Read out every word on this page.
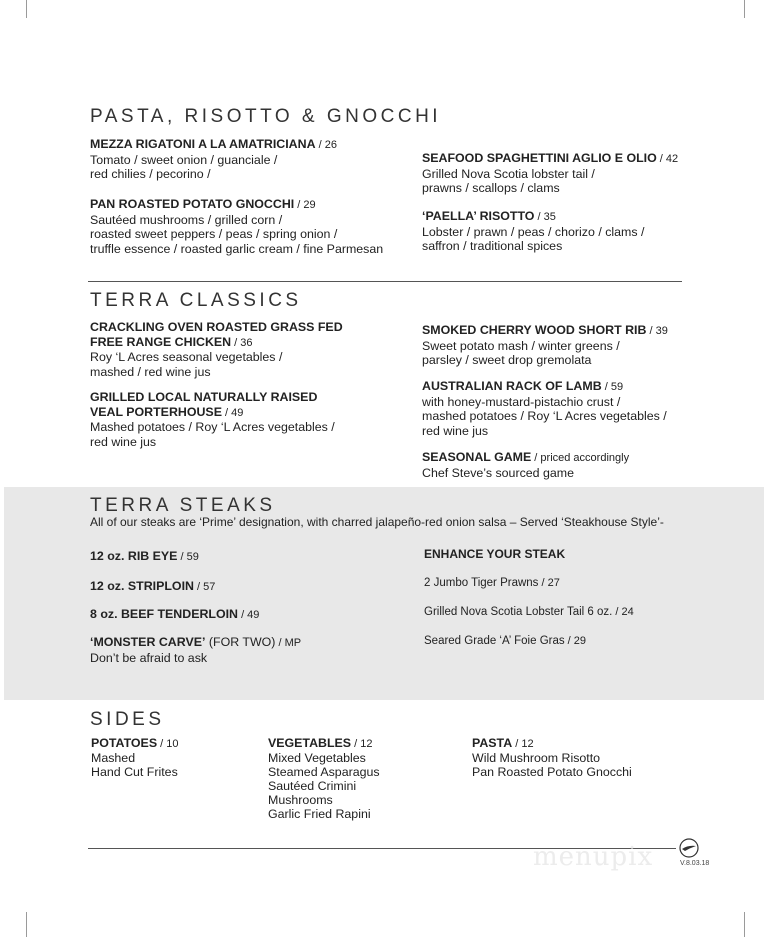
PASTA, RISOTTO & GNOCCHI
MEZZA RIGATONI A LA AMATRICIANA / 26
Tomato / sweet onion / guanciale /
red chilies / pecorino /
PAN ROASTED POTATO GNOCCHI / 29
Sautéed mushrooms / grilled corn /
roasted sweet peppers / peas / spring onion /
truffle essence / roasted garlic cream / fine Parmesan
SEAFOOD SPAGHETTINI AGLIO E OLIO / 42
Grilled Nova Scotia lobster tail /
prawns / scallops / clams
‘PAELLA’ RISOTTO / 35
Lobster / prawn / peas / chorizo / clams /
saffron / traditional spices
TERRA CLASSICS
CRACKLING OVEN ROASTED GRASS FED
FREE RANGE CHICKEN / 36
Roy ‘L Acres seasonal vegetables /
mashed / red wine jus
GRILLED LOCAL NATURALLY RAISED
VEAL PORTERHOUSE / 49
Mashed potatoes / Roy ‘L Acres vegetables /
red wine jus
SMOKED CHERRY WOOD SHORT RIB / 39
Sweet potato mash / winter greens /
parsley / sweet drop gremolata
AUSTRALIAN RACK OF LAMB / 59
with honey-mustard-pistachio crust /
mashed potatoes / Roy ‘L Acres vegetables /
red wine jus
SEASONAL GAME / priced accordingly
Chef Steve’s sourced game
TERRA STEAKS
All of our steaks are ‘Prime’ designation, with charred jalapeño-red onion salsa – Served ‘Steakhouse Style’-
12 oz. RIB EYE / 59
12 oz. STRIPLOIN / 57
8 oz. BEEF TENDERLOIN / 49
‘MONSTER CARVE’ (FOR TWO) / MP
Don’t be afraid to ask
ENHANCE YOUR STEAK
2 Jumbo Tiger Prawns / 27
Grilled Nova Scotia Lobster Tail 6 oz. / 24
Seared Grade ‘A’ Foie Gras / 29
SIDES
POTATOES / 10
Mashed
Hand Cut Frites
VEGETABLES / 12
Mixed Vegetables
Steamed Asparagus
Sautéed Crimini
Mushrooms
Garlic Fried Rapini
PASTA / 12
Wild Mushroom Risotto
Pan Roasted Potato Gnocchi
menupix	V.8.03.18
